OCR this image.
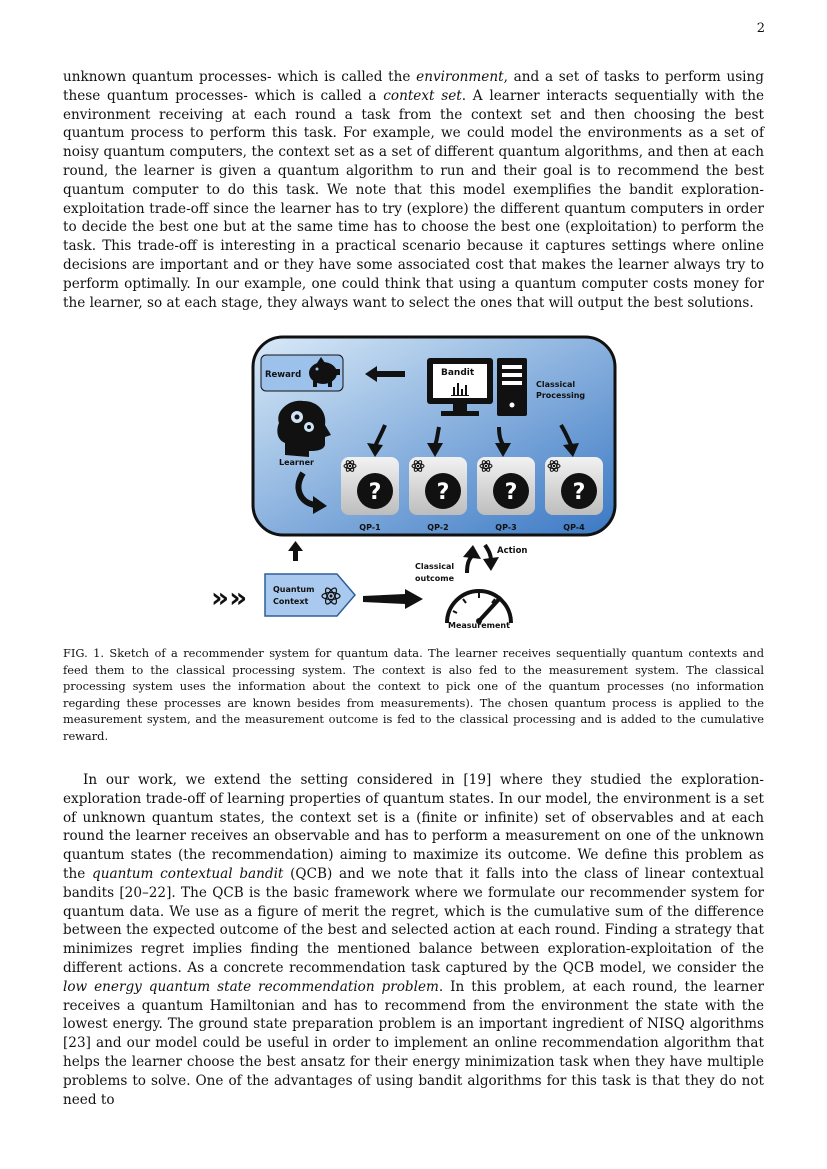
2

unknown quantum processes- which is called the environment, and a set of tasks to perform using these quantum processes- which is called a context set. A learner interacts sequentially with the environment receiving at each round a task from the context set and then choosing the best quantum process to perform this task. For example, we could model the environments as a set of noisy quantum computers, the context set as a set of different quantum algorithms, and then at each round, the learner is given a quantum algorithm to run and their goal is to recommend the best quantum computer to do this task. We note that this model exemplifies the bandit exploration-exploitation trade-off since the learner has to try (explore) the different quantum computers in order to decide the best one but at the same time has to choose the best one (exploitation) to perform the task. This trade-off is interesting in a practical scenario because it captures settings where online decisions are important and or they have some associated cost that makes the learner always try to perform optimally. In our example, one could think that using a quantum computer costs money for the learner, so at each stage, they always want to select the ones that will output the best solutions.

Reward	Bandit
Classical
Processing
Learner
?	?	?	?
QP-1	QP-2	QP-3	QP-4
»»	Quantum
Context
Measurement
Action
Classical
outcome

FIG. 1. Sketch of a recommender system for quantum data. The learner receives sequentially quantum contexts and feed them to the classical processing system. The context is also fed to the measurement system. The classical processing system uses the information about the context to pick one of the quantum processes (no information regarding these processes are known besides from measurements). The chosen quantum process is applied to the measurement system, and the measurement outcome is fed to the classical processing and is added to the cumulative reward.

In our work, we extend the setting considered in [19] where they studied the exploration-exploration trade-off of learning properties of quantum states. In our model, the environment is a set of unknown quantum states, the context set is a (finite or infinite) set of observables and at each round the learner receives an observable and has to perform a measurement on one of the unknown quantum states (the recommendation) aiming to maximize its outcome. We define this problem as the quantum contextual bandit (QCB) and we note that it falls into the class of linear contextual bandits [20–22]. The QCB is the basic framework where we formulate our recommender system for quantum data. We use as a figure of merit the regret, which is the cumulative sum of the difference between the expected outcome of the best and selected action at each round. Finding a strategy that minimizes regret implies finding the mentioned balance between exploration-exploitation of the different actions. As a concrete recommendation task captured by the QCB model, we consider the low energy quantum state recommendation problem. In this problem, at each round, the learner receives a quantum Hamiltonian and has to recommend from the environment the state with the lowest energy. The ground state preparation problem is an important ingredient of NISQ algorithms [23] and our model could be useful in order to implement an online recommendation algorithm that helps the learner choose the best ansatz for their energy minimization task when they have multiple problems to solve. One of the advantages of using bandit algorithms for this task is that they do not need to
